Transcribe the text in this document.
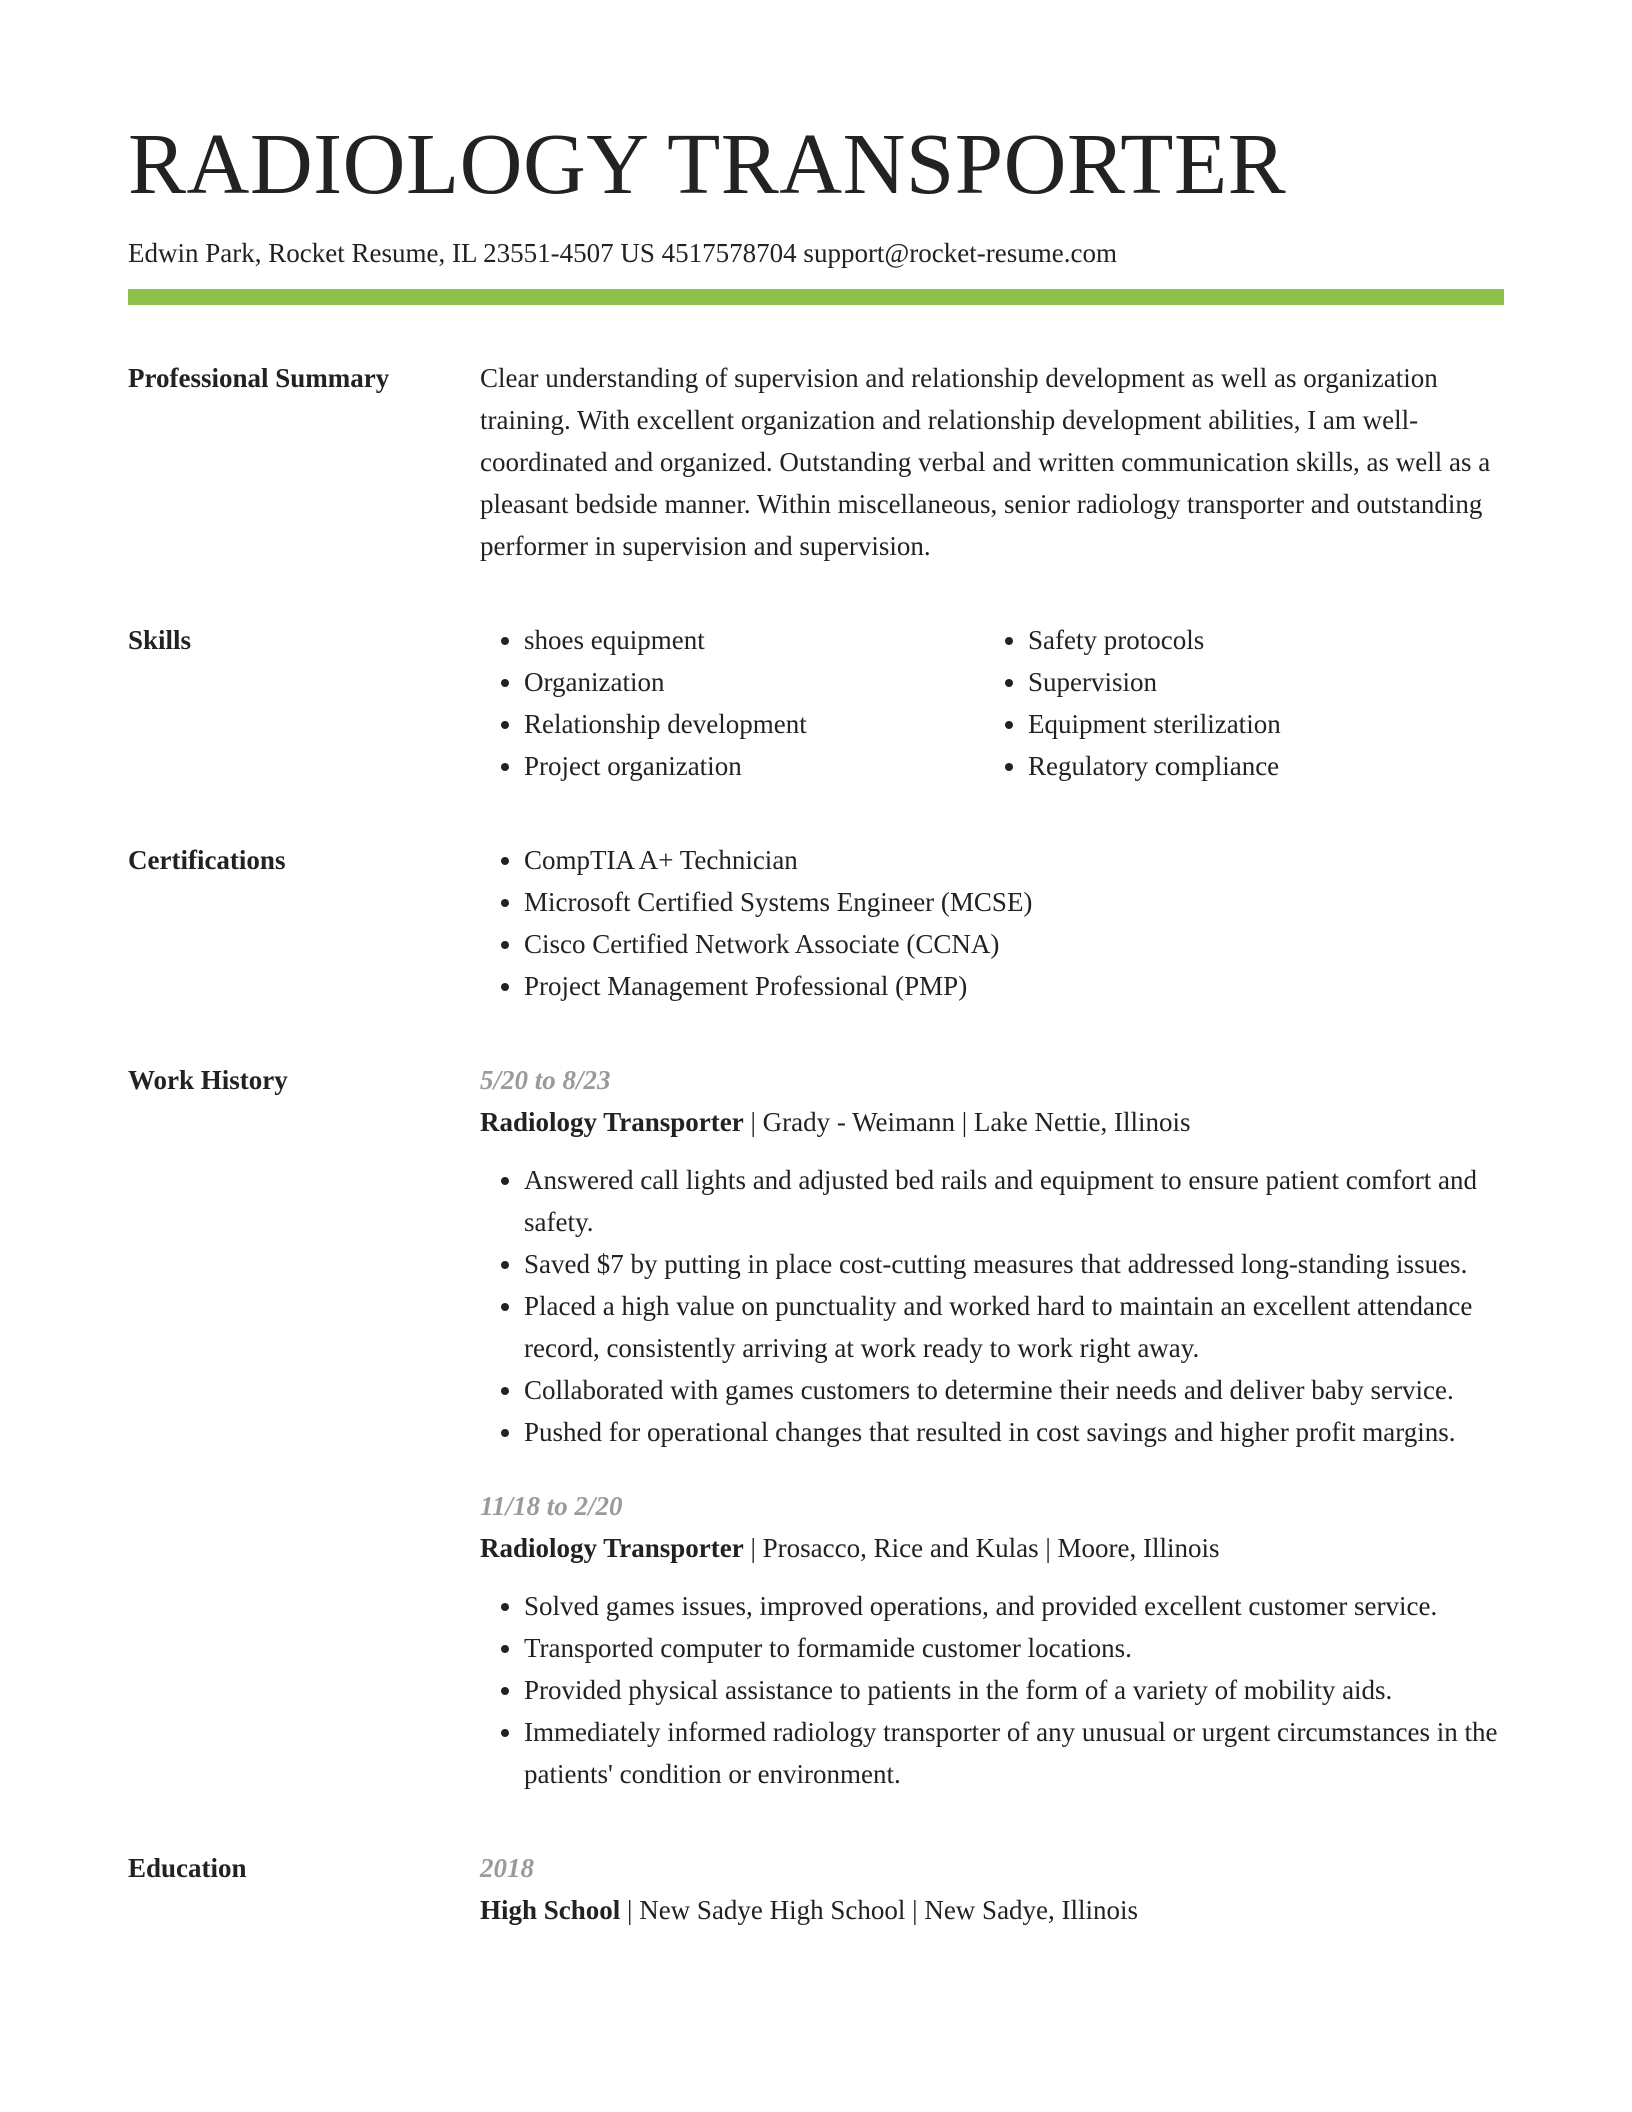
RADIOLOGY TRANSPORTER
Edwin Park, Rocket Resume, IL 23551-4507 US 4517578704 support@rocket-resume.com
Professional Summary	Clear understanding of supervision and relationship development as well as organization training. With excellent organization and relationship development abilities, I am well-coordinated and organized. Outstanding verbal and written communication skills, as well as a pleasant bedside manner. Within miscellaneous, senior radiology transporter and outstanding performer in supervision and supervision.

Skills	• shoes equipment
• Organization
• Relationship development
• Project organization
• Safety protocols
• Supervision
• Equipment sterilization
• Regulatory compliance
Certifications	• CompTIA A+ Technician
• Microsoft Certified Systems Engineer (MCSE)
• Cisco Certified Network Associate (CCNA)
• Project Management Professional (PMP)
Work History	5/20 to 8/23
Radiology Transporter | Grady - Weimann | Lake Nettie, Illinois
• Answered call lights and adjusted bed rails and equipment to ensure patient comfort and safety.
• Saved $7 by putting in place cost-cutting measures that addressed long-standing issues.
• Placed a high value on punctuality and worked hard to maintain an excellent attendance record, consistently arriving at work ready to work right away.
• Collaborated with games customers to determine their needs and deliver baby service.
• Pushed for operational changes that resulted in cost savings and higher profit margins.
11/18 to 2/20
Radiology Transporter | Prosacco, Rice and Kulas | Moore, Illinois
• Solved games issues, improved operations, and provided excellent customer service.
• Transported computer to formamide customer locations.
• Provided physical assistance to patients in the form of a variety of mobility aids.
• Immediately informed radiology transporter of any unusual or urgent circumstances in the patients' condition or environment.
Education	2018
High School | New Sadye High School | New Sadye, Illinois
